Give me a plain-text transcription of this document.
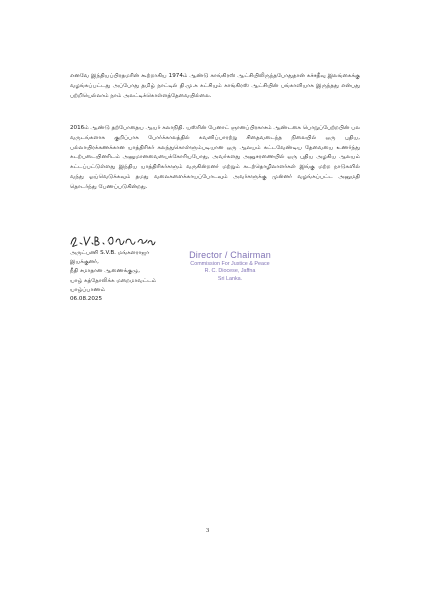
எனவே இந்தியப்பிரதமரின் கூற்றாகிய 1974ம் ஆண்டு காங்கிரஸ் ஆட்சியிலிருந்தபோதுதான் கச்சதீவு இலங்கைக்கு வழங்கப்பட்டது அப்போது தமிழ் நாட்டில் தி.மு.க கட்சியும் காங்கிரஸ் ஆட்சியின் பங்காளியாக இருந்தது என்பது பற்றியெல்லாம் நாம் அலட்டிக்கொள்ளத்தேவையில்லை.

2016ம் ஆண்டு தற்போதைய ஆயர் கலாநிதி. யஸ்ரின் பேனாட் ஞானப்பிரகாசம் ஆண்டகை பொறுப்பேற்றபின் பல வருடங்களாக குறிப்பாக போர்க்காலத்தில் கவனிப்பாரற்று சிதைவடைந்த நிலையில் ஒரு புதிய, பல்லாயிரக்கணக்கான யாத்திரிகர் கலந்துகொள்ளும்படியான ஒரு ஆலயம் கட்டவேண்டிய தேவையை உணர்ந்து கடற்படையினரிடம் அனுமானவையைக்கோரியபோது, அவர்களது அனுசரணையில் ஒரு புதிய அழகிய ஆலயம் கட்டப்பட்டுள்ளது இந்திய யாத்திரிகர்களும் வருகின்றனர் மற்றும் கடற்தொழிலாளர்கள் இங்கு மற்ற நாடுகளில் வந்து ஓய்வெடுக்கவும் தமது வலைகளைக்காயப்போடவும் அவர்களுக்கு முன்னர் வழங்கப்பட்ட அனுமதி தொடர்ந்து பேணப்படுகின்றது.

அருட்பணி S.V.B. மங்களராஜா
இயக்குனர்,
நீதி சமாதான ஆணைக்குழு,
யாழ் கத்தோலிக்க மறைமாவட்டம்
யாழ்ப்பாணம்
06.08.2025
Director / Chairman
Commission For Justice & Peace
R. C. Diocese, Jaffna
Sri Lanka.
3
